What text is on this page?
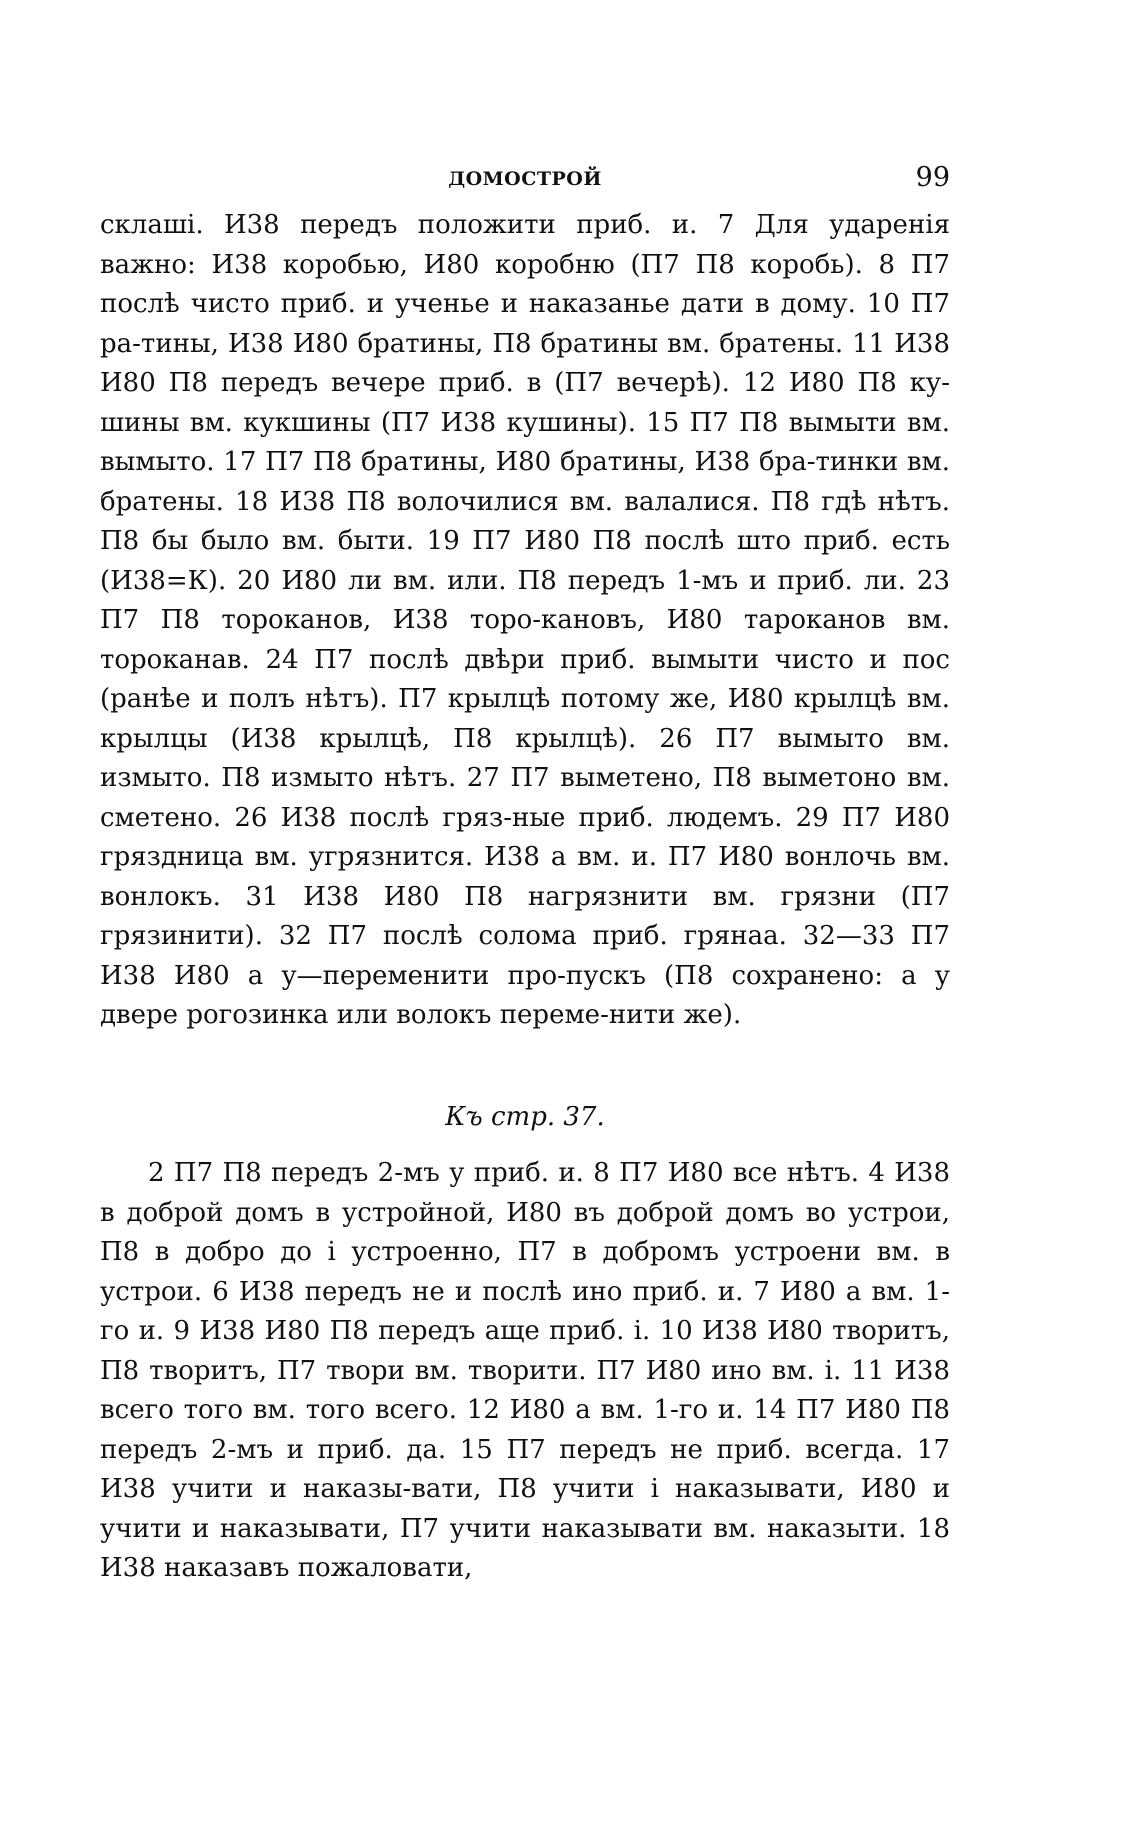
ДОМОСТРОЙ	99

склашi. И38 передъ положити приб. и. 7 Для ударенія важно: И38 коробью, И80 коробню (П7 П8 коробь). 8 П7 послѣ чисто приб. и ученье и наказанье дати в дому. 10 П7 ра-тины, И38 И80 братины, П8 братины вм. братены. 11 И38 И80 П8 передъ вечере приб. в (П7 вечерѣ). 12 И80 П8 ку-шины вм. кукшины (П7 И38 кушины). 15 П7 П8 вымыти вм. вымыто. 17 П7 П8 братины, И80 братины, И38 бра-тинки вм. братены. 18 И38 П8 волочилися вм. валалися. П8 гдѣ нѣтъ. П8 бы было вм. быти. 19 П7 И80 П8 послѣ што приб. есть (И38=К). 20 И80 ли вм. или. П8 передъ 1-мъ и приб. ли. 23 П7 П8 тороканов, И38 торо-кановъ, И80 тароканов вм. тороканав. 24 П7 послѣ двѣри приб. вымыти чисто и пос (ранѣе и полъ нѣтъ). П7 крылцѣ потому же, И80 крылцѣ вм. крылцы (И38 крылцѣ, П8 крылцѣ). 26 П7 вымыто вм. измыто. П8 измыто нѣтъ. 27 П7 выметено, П8 выметоно вм. сметено. 26 И38 послѣ гряз-ные приб. людемъ. 29 П7 И80 гряздница вм. угрязнится. И38 а вм. и. П7 И80 вонлочь вм. вонлокъ. 31 И38 И80 П8 нагрязнити вм. грязни (П7 грязинити). 32 П7 послѣ солома приб. грянаа. 32—33 П7 И38 И80 а у—переменити про-пускъ (П8 сохранено: а у двере рогозинка или волокъ переме-нити же).

Къ стр. 37.

2 П7 П8 передъ 2-мъ у приб. и. 8 П7 И80 все нѣтъ. 4 И38 в доброй домъ в устройной, И80 въ доброй домъ во устрои, П8 в добро до i устроенно, П7 в добромъ устроени вм. в устрои. 6 И38 передъ не и послѣ ино приб. и. 7 И80 а вм. 1-го и. 9 И38 И80 П8 передъ аще приб. i. 10 И38 И80 творитъ, П8 творитъ, П7 твори вм. творити. П7 И80 ино вм. i. 11 И38 всего того вм. того всего. 12 И80 а вм. 1-го и. 14 П7 И80 П8 передъ 2-мъ и приб. да. 15 П7 передъ не приб. всегда. 17 И38 учити и наказы-вати, П8 учити i наказывати, И80 и учити и наказывати, П7 учити наказывати вм. наказыти. 18 И38 наказавъ пожаловати,
